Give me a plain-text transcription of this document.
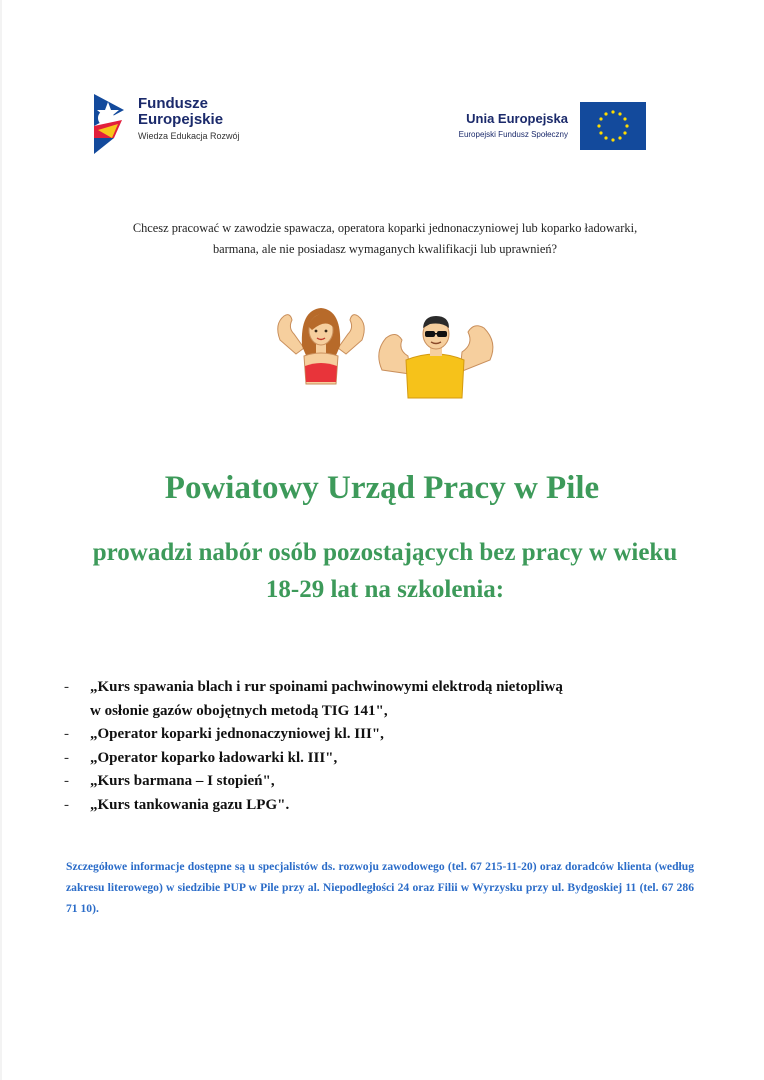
Fundusze
Europejskie
Wiedza Edukacja Rozwój
Unia Europejska
Europejski Fundusz Społeczny
Chcesz pracować w zawodzie spawacza, operatora koparki jednonaczyniowej lub koparko ładowarki,
barmana, ale nie posiadasz wymaganych kwalifikacji lub uprawnień?
Powiatowy Urząd Pracy w Pile
prowadzi nabór osób pozostających bez pracy w wieku 18-29 lat na szkolenia:
- „Kurs spawania blach i rur spoinami pachwinowymi elektrodą nietopliwą
w osłonie gazów obojętnych metodą TIG 141",
- „Operator koparki jednonaczyniowej kl. III",
- „Operator koparko ładowarki kl. III",
- „Kurs barmana – I stopień",
- „Kurs tankowania gazu LPG".
Szczegółowe informacje dostępne są u specjalistów ds. rozwoju zawodowego (tel. 67 215-11-20) oraz doradców klienta (według zakresu literowego) w siedzibie PUP w Pile przy al. Niepodległości 24 oraz Filii w Wyrzysku przy ul. Bydgoskiej 11 (tel. 67 286 71 10).
